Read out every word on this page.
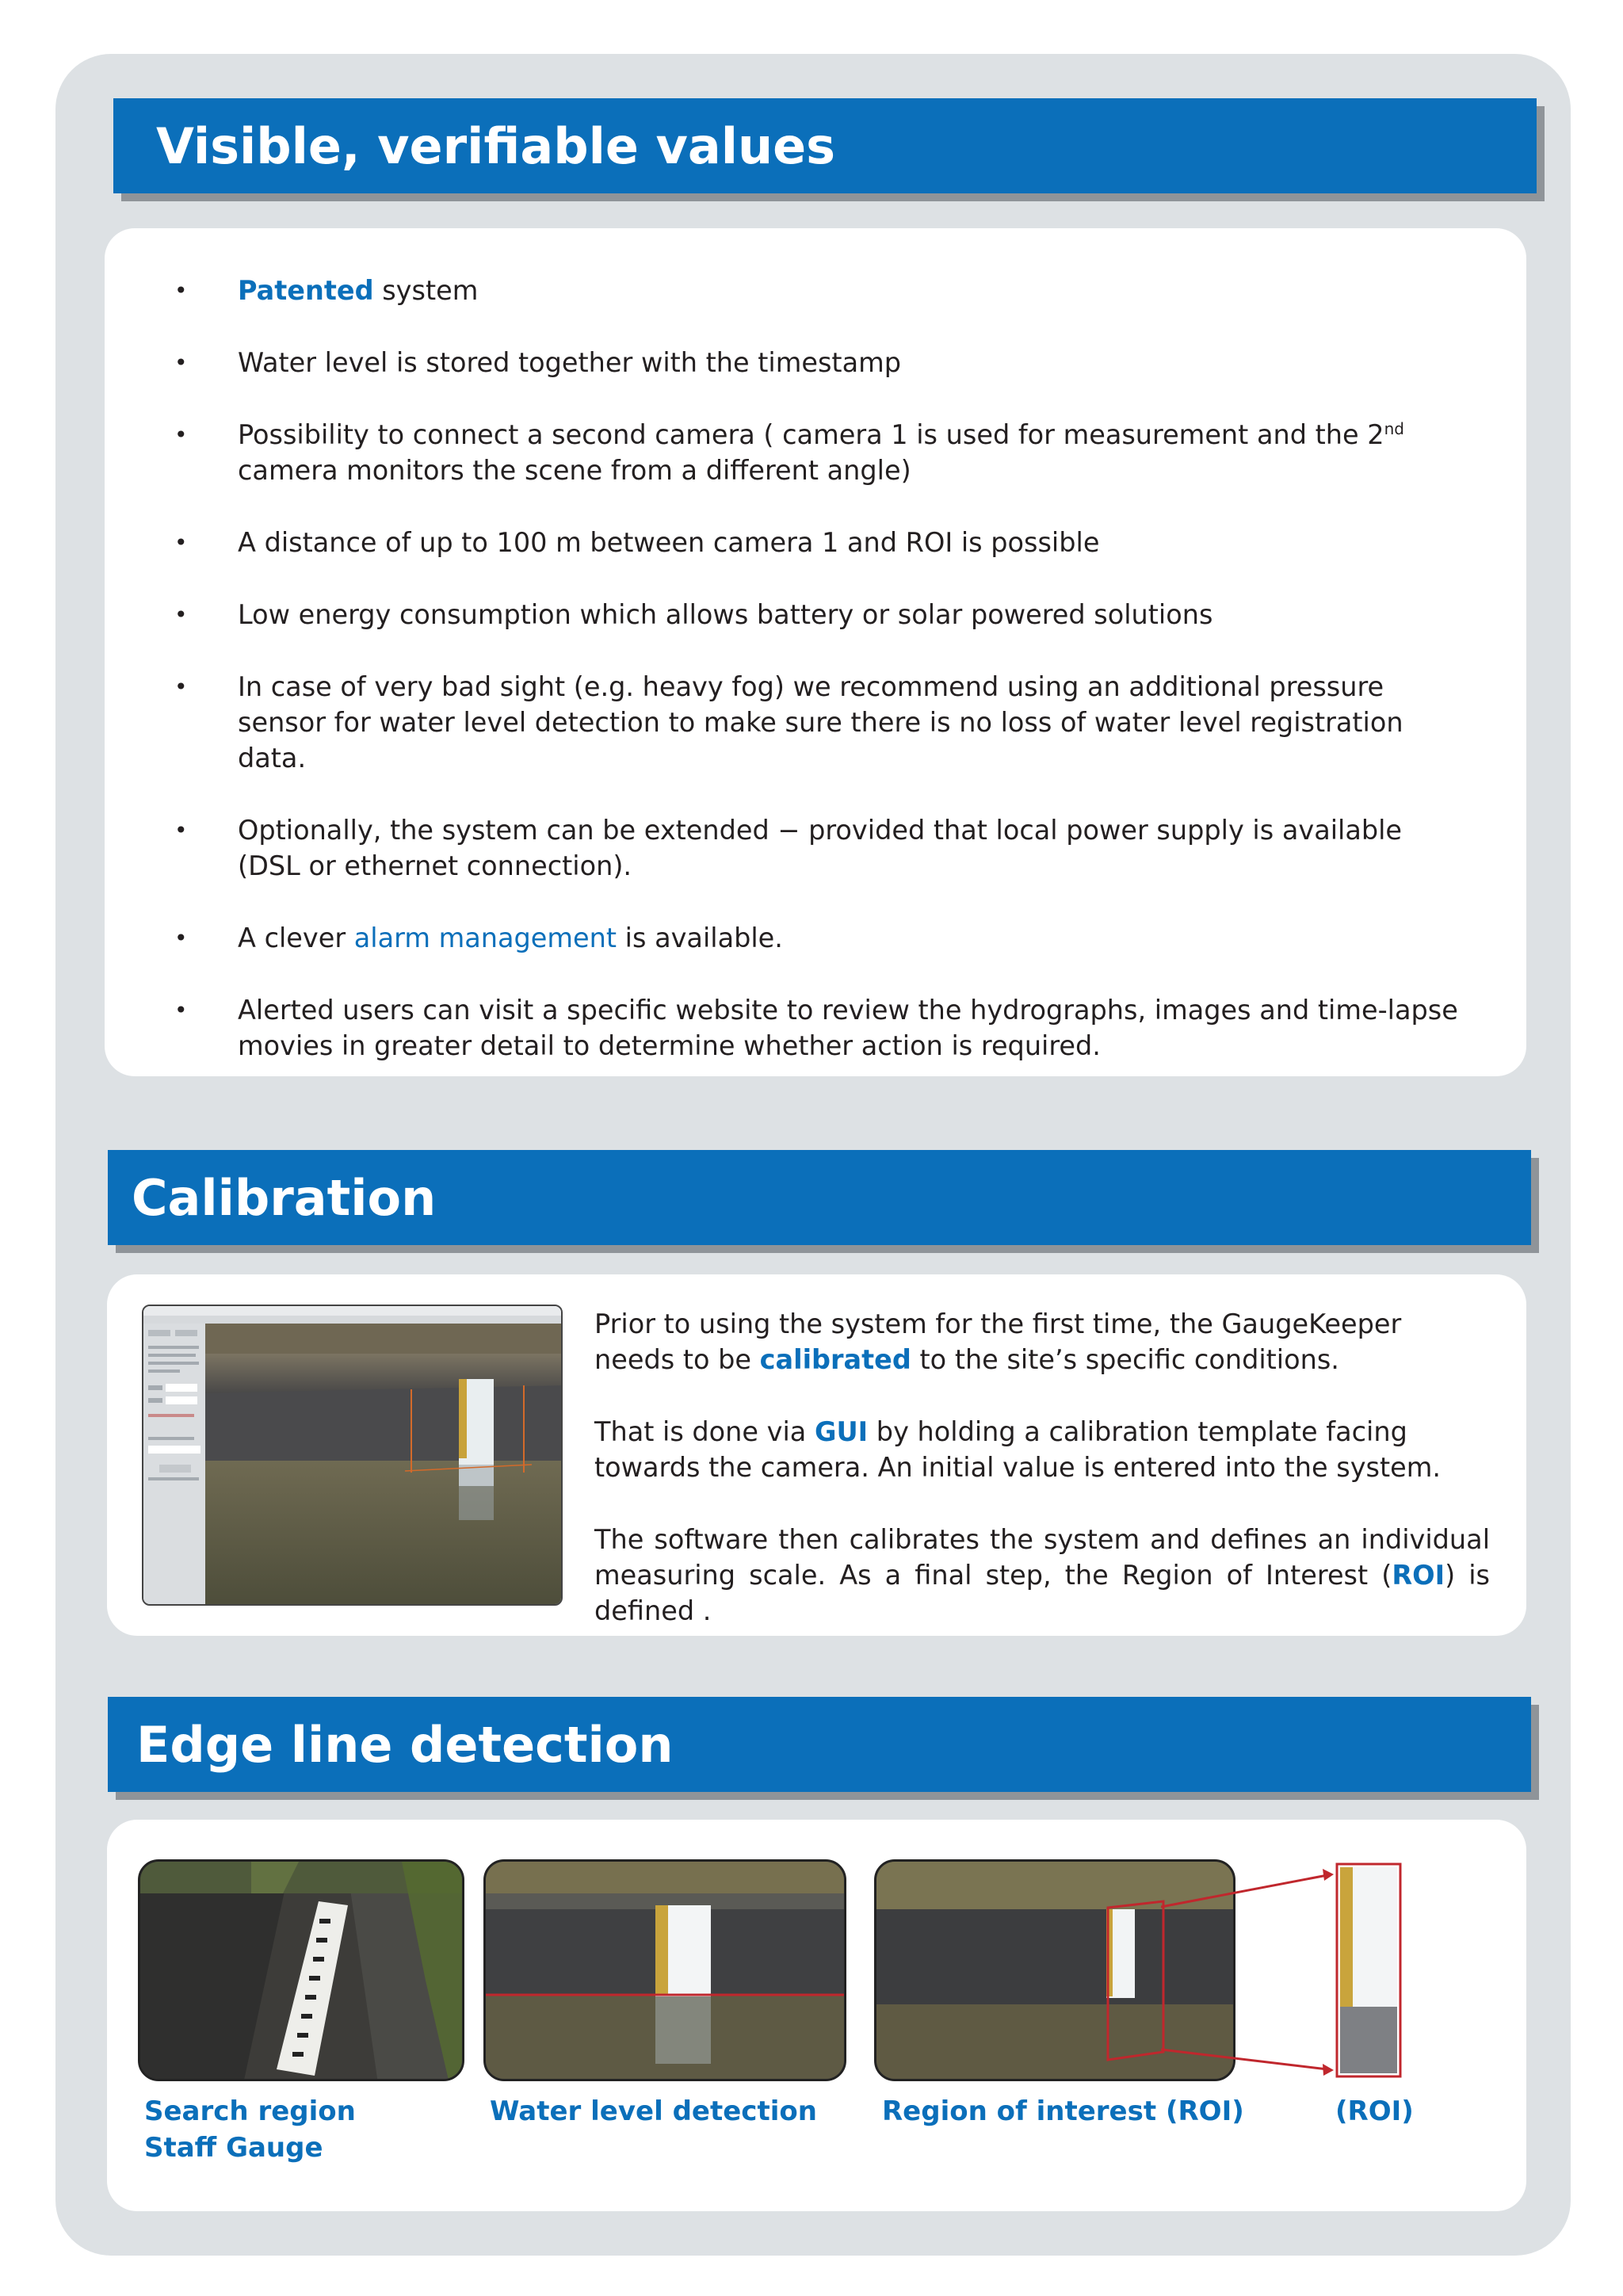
Visible, verifiable values
• Patented system
• Water level is stored together with the timestamp
• Possibility to connect a second camera ( camera 1 is used for measurement and the 2nd camera monitors the scene from a different angle)
• A distance of up to 100 m between camera 1 and ROI is possible
• Low energy consumption which allows battery or solar powered solutions
• In case of very bad sight (e.g. heavy fog) we recommend using an additional pressure sensor for water level detection to make sure there is no loss of water level registration data.
• Optionally, the system can be extended − provided that local power supply is available
(DSL or ethernet connection).
• A clever alarm management is available.
• Alerted users can visit a specific website to review the hydrographs, images and time-lapse movies in greater detail to determine whether action is required.
Calibration

Prior to using the system for the first time, the GaugeKeeper needs to be calibrated to the site’s specific conditions.

That is done via GUI by holding a calibration template facing towards the camera. An initial value is entered into the system.

The software then calibrates the system and defines an individual measuring scale. As a final step, the Region of Interest (ROI) is defined .

Edge line detection
Search region
Staff Gauge
Water level detection Region of interest (ROI)	(ROI)
